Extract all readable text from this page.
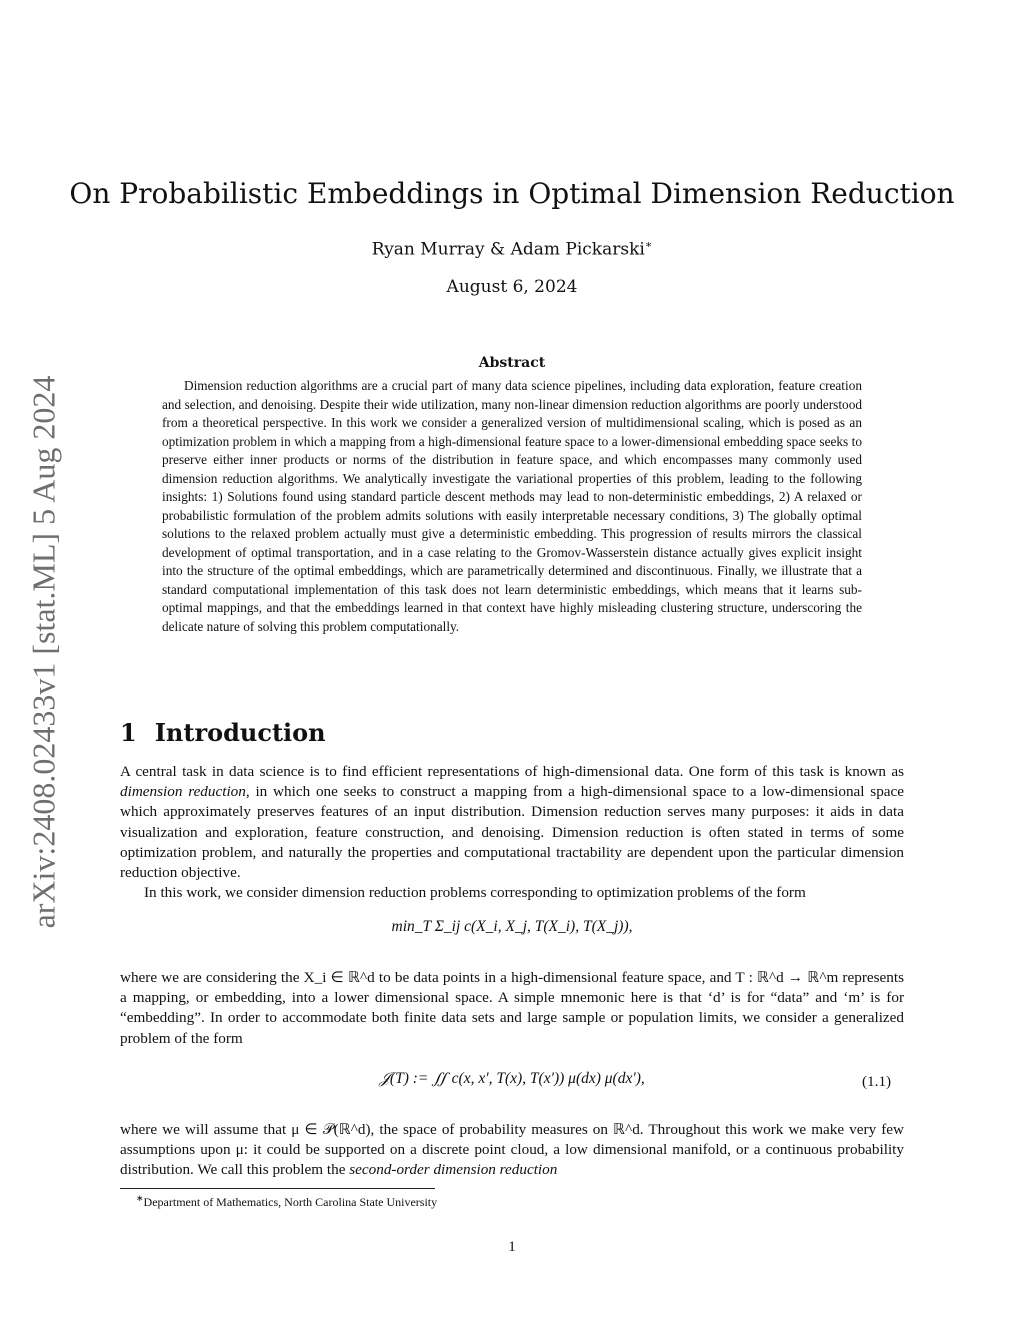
arXiv:2408.02433v1 [stat.ML] 5 Aug 2024
On Probabilistic Embeddings in Optimal Dimension Reduction
Ryan Murray & Adam Pickarski∗
August 6, 2024
Abstract
Dimension reduction algorithms are a crucial part of many data science pipelines, including data exploration, feature creation and selection, and denoising. Despite their wide utilization, many non-linear dimension reduction algorithms are poorly understood from a theoretical perspective. In this work we consider a generalized version of multidimensional scaling, which is posed as an optimization problem in which a mapping from a high-dimensional feature space to a lower-dimensional embedding space seeks to preserve either inner products or norms of the distribution in feature space, and which encompasses many commonly used dimension reduction algorithms. We analytically investigate the variational properties of this problem, leading to the following insights: 1) Solutions found using standard particle descent methods may lead to non-deterministic embeddings, 2) A relaxed or probabilistic formulation of the problem admits solutions with easily interpretable necessary conditions, 3) The globally optimal solutions to the relaxed problem actually must give a deterministic embedding. This progression of results mirrors the classical development of optimal transportation, and in a case relating to the Gromov-Wasserstein distance actually gives explicit insight into the structure of the optimal embeddings, which are parametrically determined and discontinuous. Finally, we illustrate that a standard computational implementation of this task does not learn deterministic embeddings, which means that it learns sub-optimal mappings, and that the embeddings learned in that context have highly misleading clustering structure, underscoring the delicate nature of solving this problem computationally.
1 Introduction

A central task in data science is to find efficient representations of high-dimensional data. One form of this task is known as dimension reduction, in which one seeks to construct a mapping from a high-dimensional space to a low-dimensional space which approximately preserves features of an input distribution. Dimension reduction serves many purposes: it aids in data visualization and exploration, feature construction, and denoising. Dimension reduction is often stated in terms of some optimization problem, and naturally the properties and computational tractability are dependent upon the particular dimension reduction objective.

In this work, we consider dimension reduction problems corresponding to optimization problems of the form

min_T Σ_ij c(X_i, X_j, T(X_i), T(X_j)),

where we are considering the X_i ∈ ℝ^d to be data points in a high-dimensional feature space, and T : ℝ^d → ℝ^m represents a mapping, or embedding, into a lower dimensional space. A simple mnemonic here is that ‘d’ is for “data” and ‘m’ is for “embedding”. In order to accommodate both finite data sets and large sample or population limits, we consider a generalized problem of the form

𝒥(T) := ∬ c(x, x′, T(x), T(x′)) μ(dx) μ(dx′),	(1.1)

where we will assume that μ ∈ 𝒫(ℝ^d), the space of probability measures on ℝ^d. Throughout this work we make very few assumptions upon μ: it could be supported on a discrete point cloud, a low dimensional manifold, or a continuous probability distribution. We call this problem the second-order dimension reduction

∗Department of Mathematics, North Carolina State University
1
